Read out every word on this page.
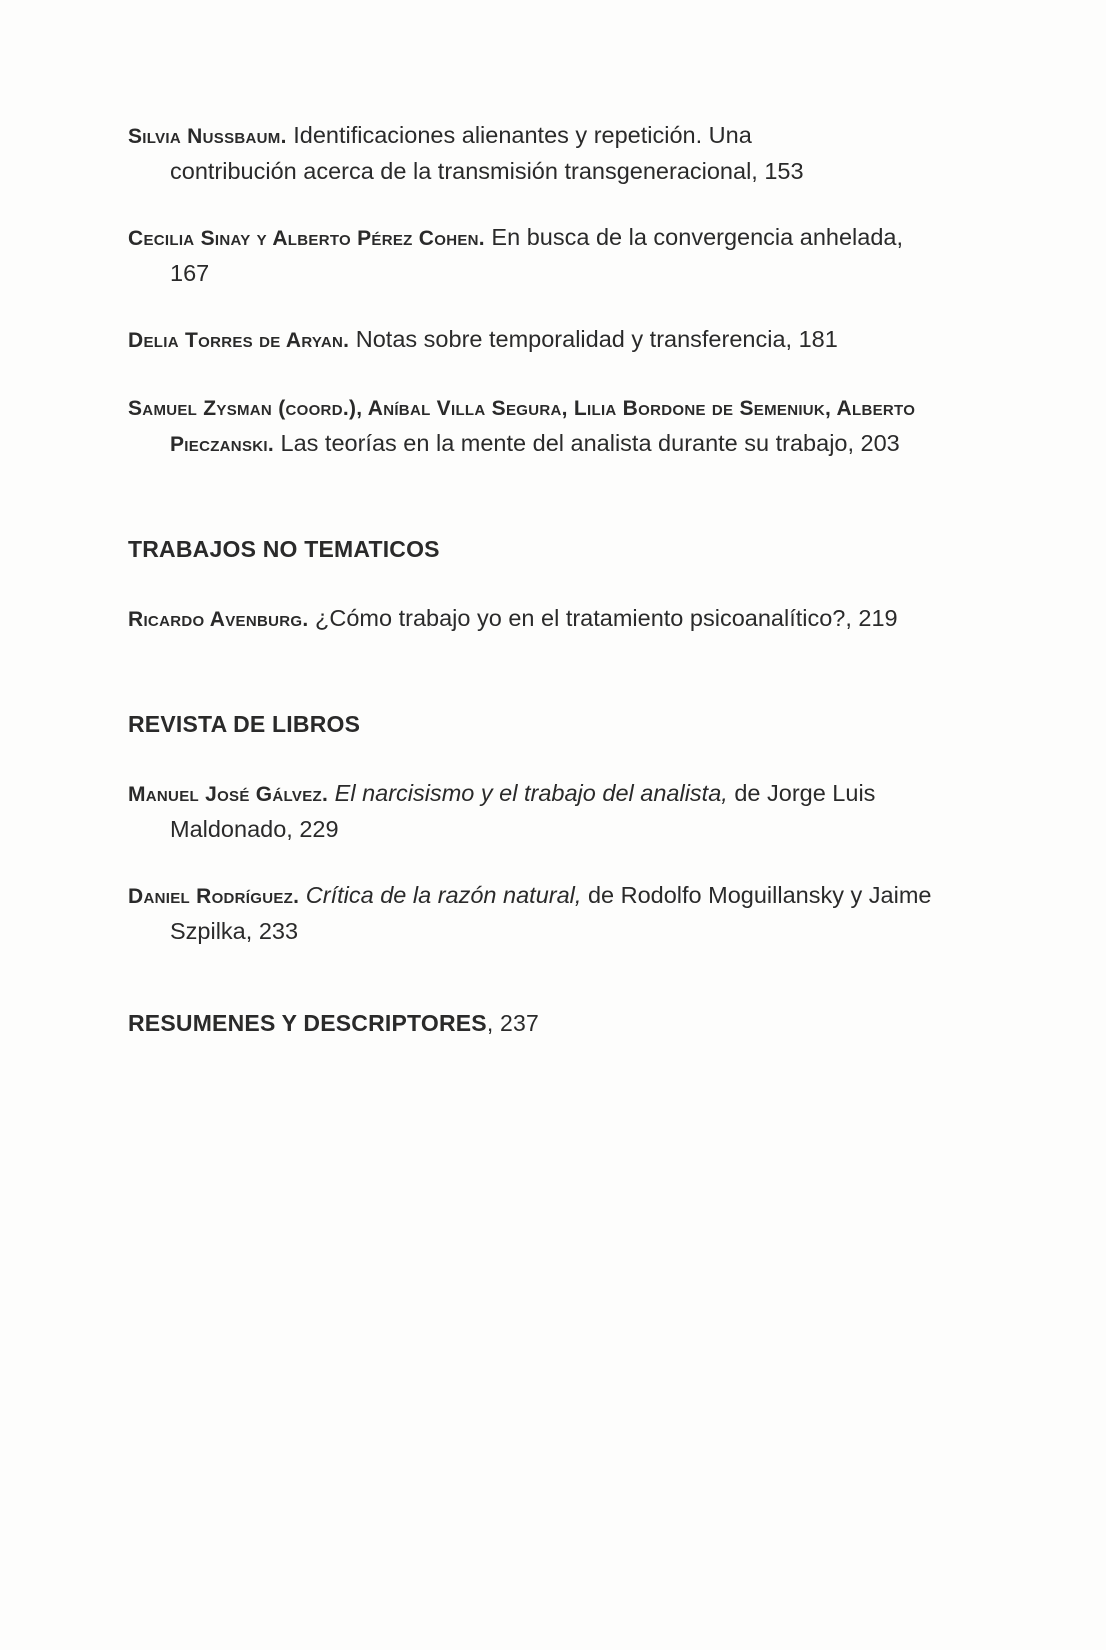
Silvia Nussbaum. Identificaciones alienantes y repetición. Una contribución acerca de la transmisión transgeneracional, 153

Cecilia Sinay y Alberto Pérez Cohen. En busca de la convergencia anhelada, 167

Delia Torres de Aryan. Notas sobre temporalidad y transferencia, 181

Samuel Zysman (coord.), Aníbal Villa Segura, Lilia Bordone de Semeniuk, Alberto Pieczanski. Las teorías en la mente del analista durante su trabajo, 203

TRABAJOS NO TEMATICOS

Ricardo Avenburg. ¿Cómo trabajo yo en el tratamiento psicoanalítico?, 219

REVISTA DE LIBROS

Manuel José Gálvez. El narcisismo y el trabajo del analista, de Jorge Luis Maldonado, 229

Daniel Rodríguez. Crítica de la razón natural, de Rodolfo Moguillansky y Jaime Szpilka, 233

RESUMENES Y DESCRIPTORES, 237
